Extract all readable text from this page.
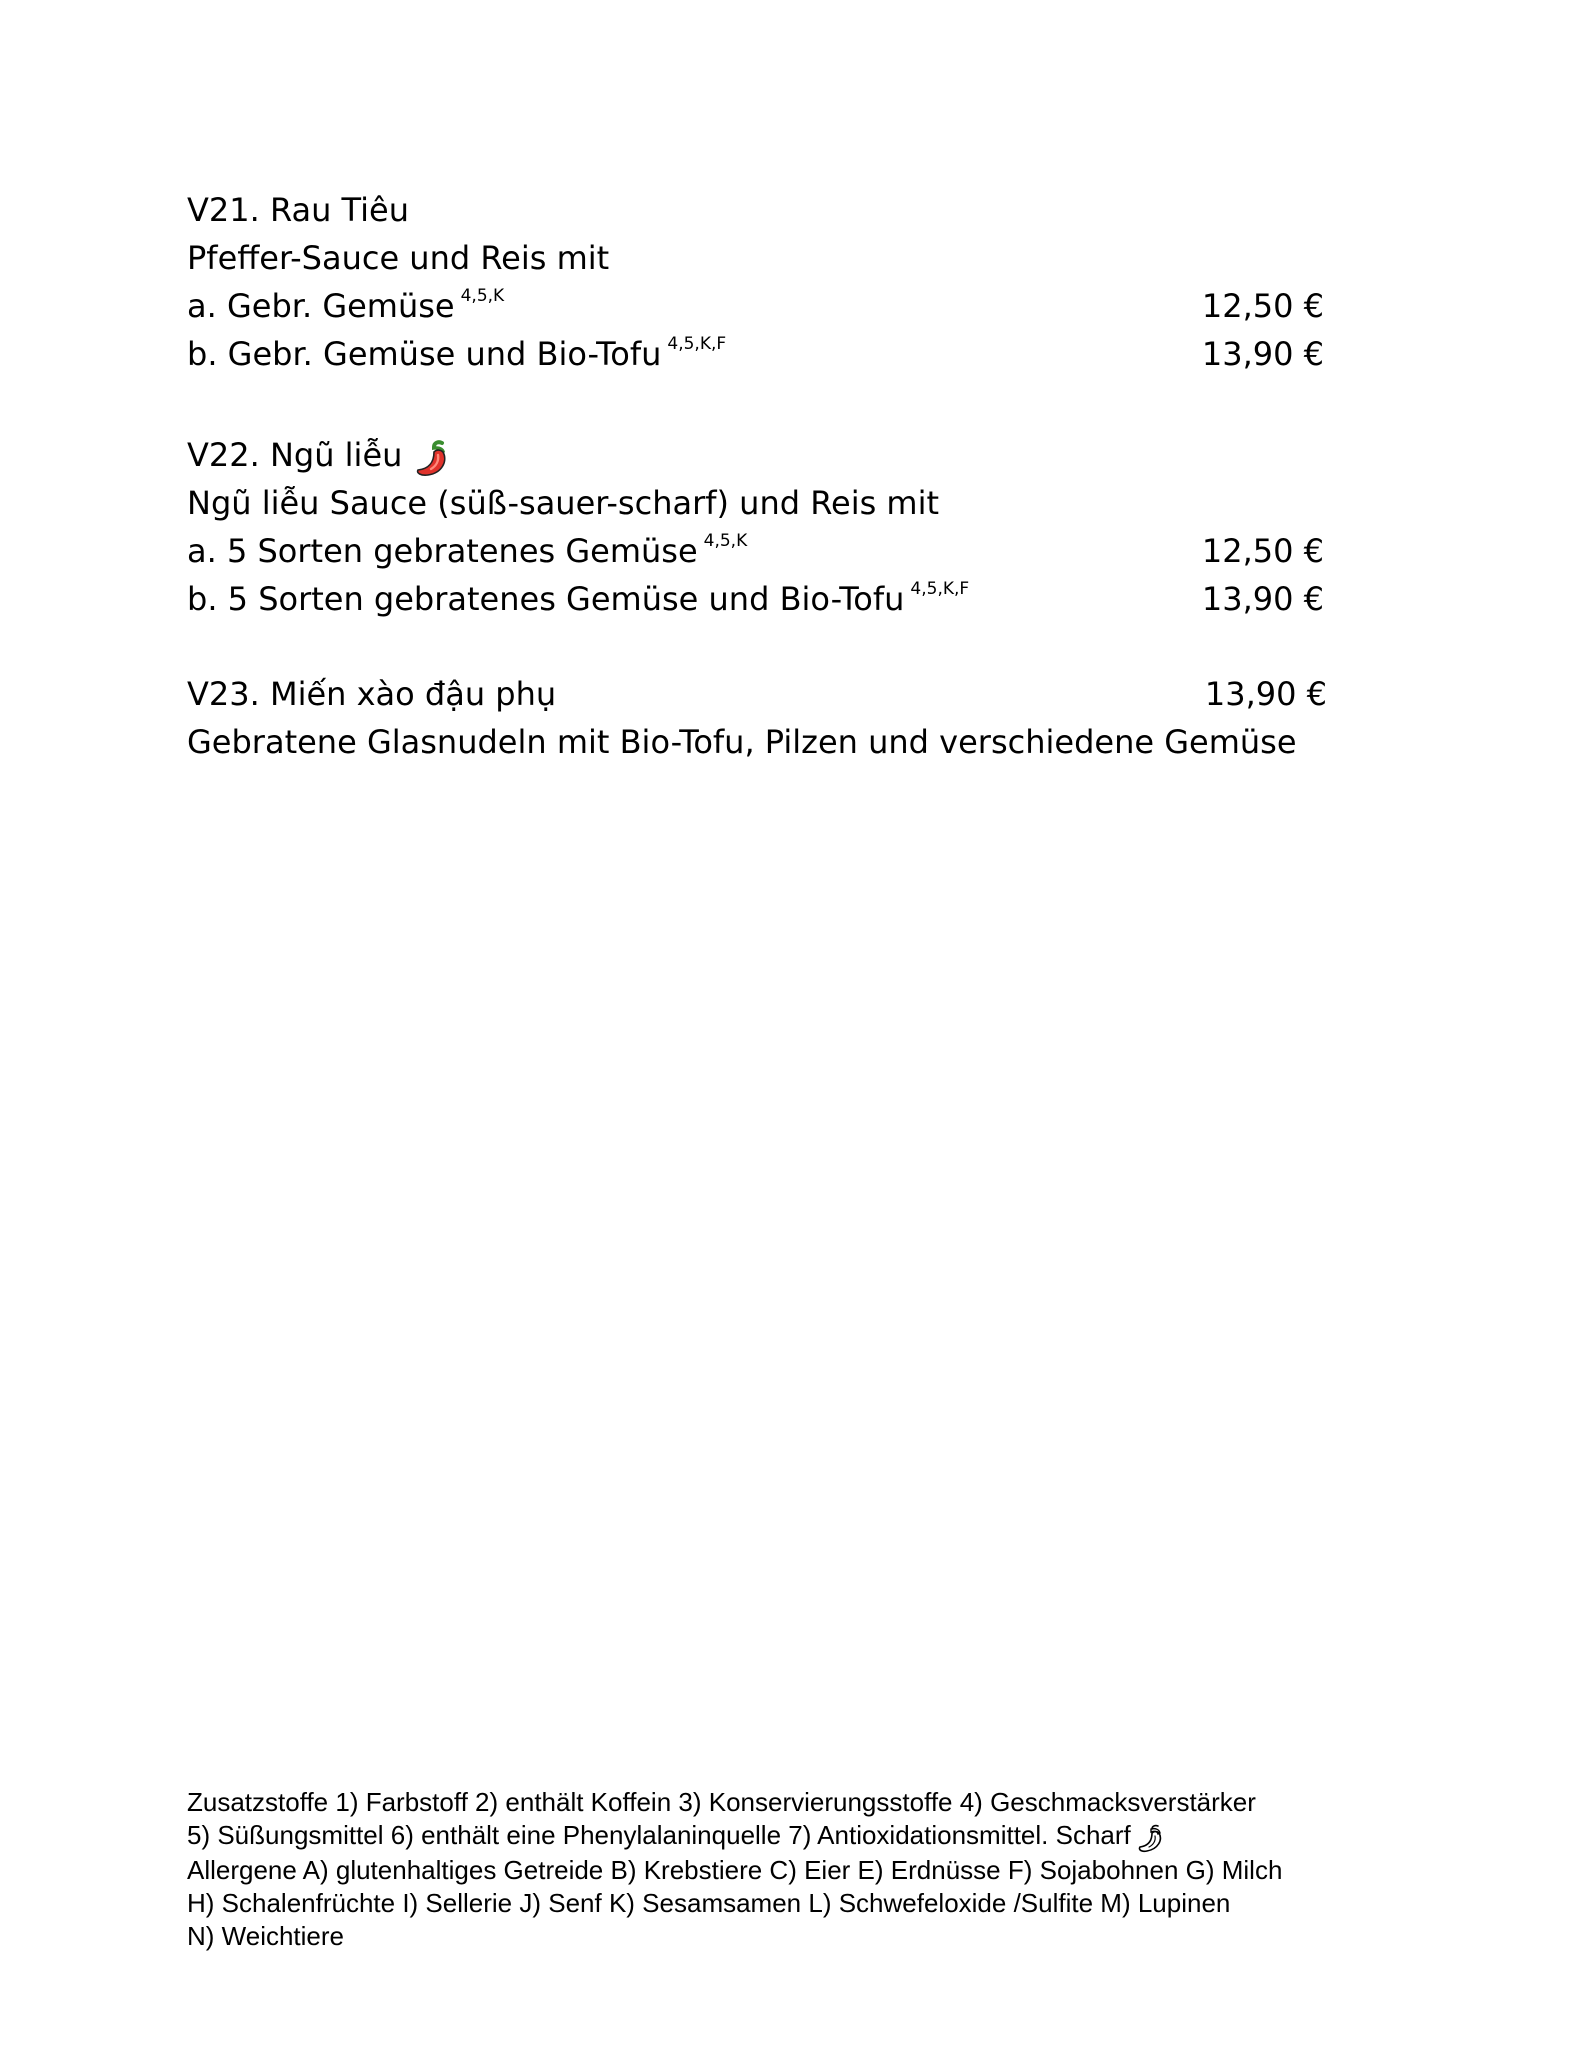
V21. Rau Tiêu
Pfeffer-Sauce und Reis mit
a. Gebr. Gemüse $^{4,5,K}$	12,50 €
b. Gebr. Gemüse und Bio-Tofu $^{4,5,K,F}$	13,90 €
V22. Ngũ liễu
Ngũ liễu Sauce (süß-sauer-scharf) und Reis mit
a. 5 Sorten gebratenes Gemüse $^{4,5,K}$	12,50 €
b. 5 Sorten gebratenes Gemüse und Bio-Tofu $^{4,5,K,F}$	13,90 €
V23. Miến xào đậu phụ	13,90 €
Gebratene Glasnudeln mit Bio-Tofu, Pilzen und verschiedene Gemüse
Zusatzstoffe 1) Farbstoff 2) enthält Koffein 3) Konservierungsstoffe 4) Geschmacksverstärker
5) Süßungsmittel 6) enthält eine Phenylalaninquelle 7) Antioxidationsmittel. Scharf
Allergene A) glutenhaltiges Getreide B) Krebstiere C) Eier E) Erdnüsse F) Sojabohnen G) Milch
H) Schalenfrüchte I) Sellerie J) Senf K) Sesamsamen L) Schwefeloxide /Sulfite M) Lupinen
N) Weichtiere
